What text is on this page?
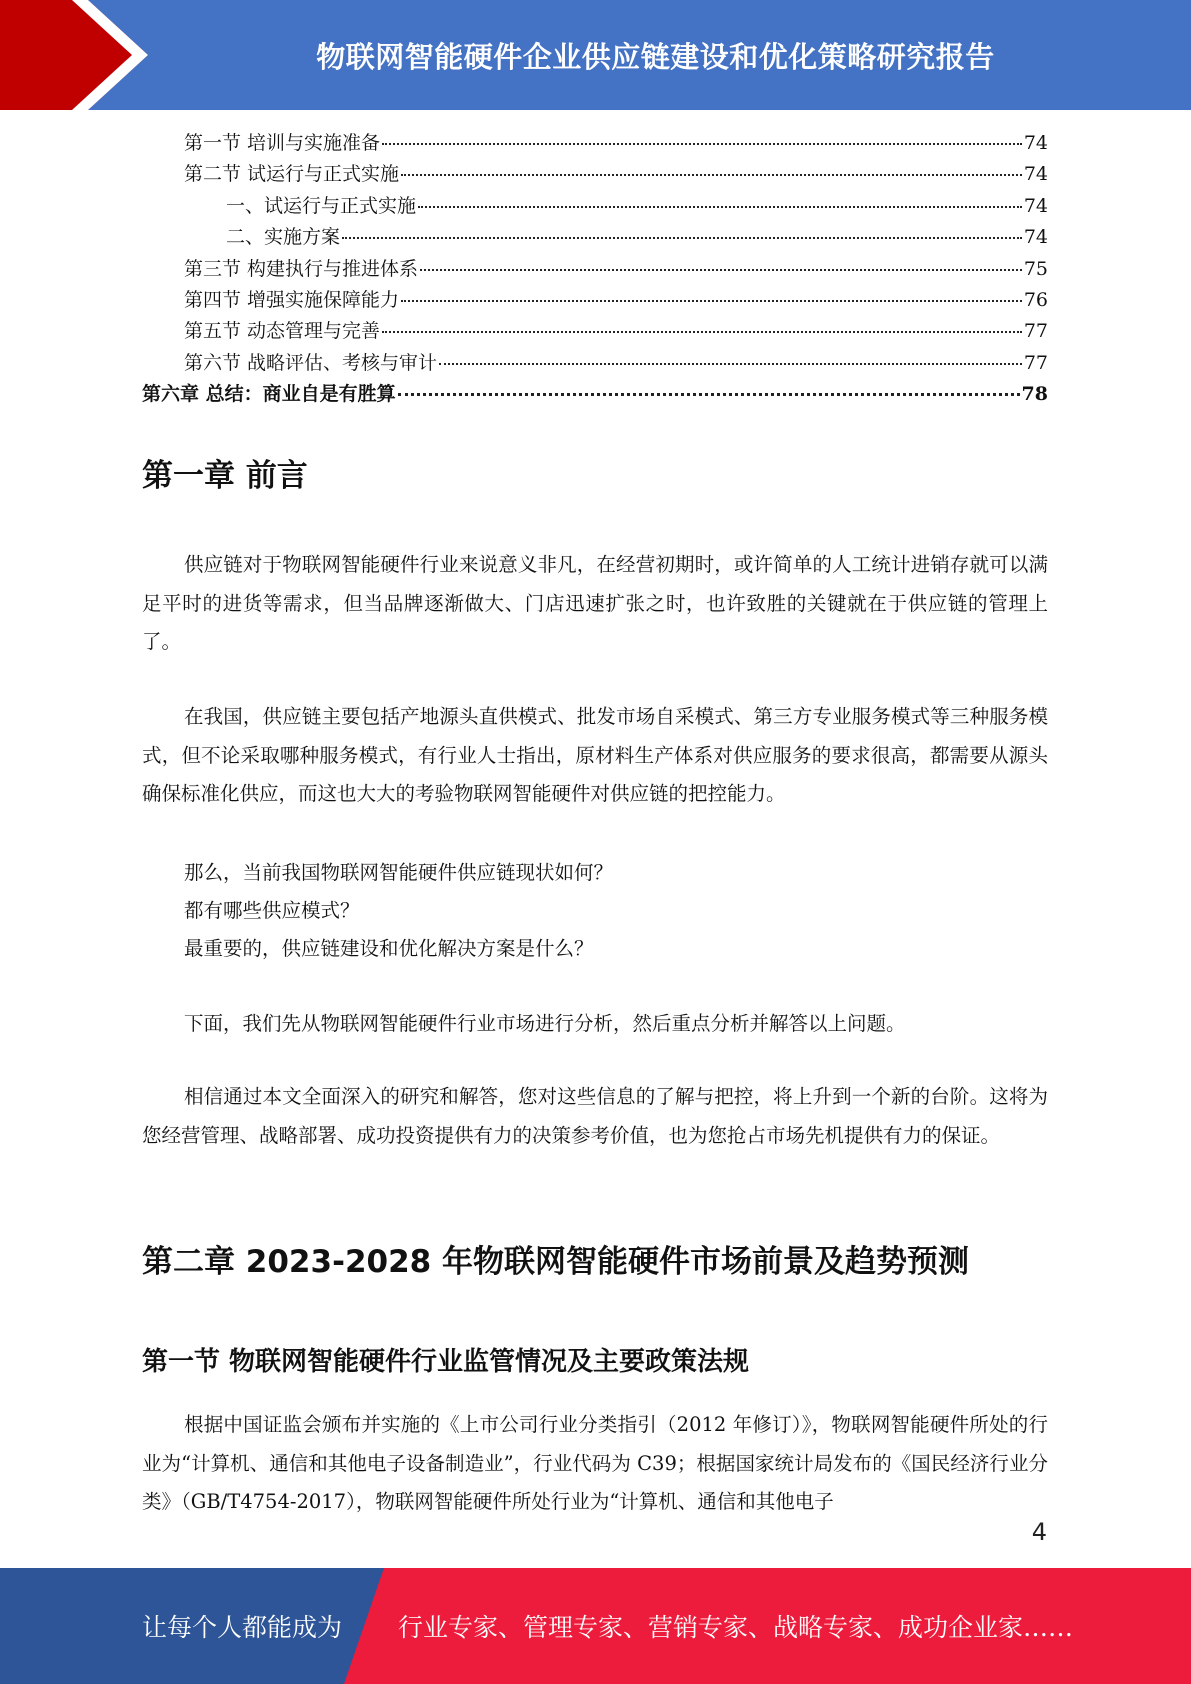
物联网智能硬件企业供应链建设和优化策略研究报告
第一节 培训与实施准备	74
第二节 试运行与正式实施	74
一、试运行与正式实施	74
二、实施方案	74
第三节 构建执行与推进体系	75
第四节 增强实施保障能力	76
第五节 动态管理与完善	77
第六节 战略评估、考核与审计	77
第六章 总结：商业自是有胜算	78
第一章 前言
供应链对于物联网智能硬件行业来说意义非凡，在经营初期时，或许简单的人工统计进销存就可以满足平时的进货等需求，但当品牌逐渐做大、门店迅速扩张之时，也许致胜的关键就在于供应链的管理上了。
在我国，供应链主要包括产地源头直供模式、批发市场自采模式、第三方专业服务模式等三种服务模式，但不论采取哪种服务模式，有行业人士指出，原材料生产体系对供应服务的要求很高，都需要从源头确保标准化供应，而这也大大的考验物联网智能硬件对供应链的把控能力。
那么，当前我国物联网智能硬件供应链现状如何？
都有哪些供应模式？
最重要的，供应链建设和优化解决方案是什么？
下面，我们先从物联网智能硬件行业市场进行分析，然后重点分析并解答以上问题。
相信通过本文全面深入的研究和解答，您对这些信息的了解与把控，将上升到一个新的台阶。这将为您经营管理、战略部署、成功投资提供有力的决策参考价值，也为您抢占市场先机提供有力的保证。
第二章 2023-2028 年物联网智能硬件市场前景及趋势预测
第一节 物联网智能硬件行业监管情况及主要政策法规
根据中国证监会颁布并实施的《上市公司行业分类指引（2012 年修订）》，物联网智能硬件所处的行业为“计算机、通信和其他电子设备制造业”，行业代码为 C39；根据国家统计局发布的《国民经济行业分类》（GB/T4754-2017），物联网智能硬件所处行业为“计算机、通信和其他电子
4
让每个人都能成为 行业专家、管理专家、营销专家、战略专家、成功企业家……
